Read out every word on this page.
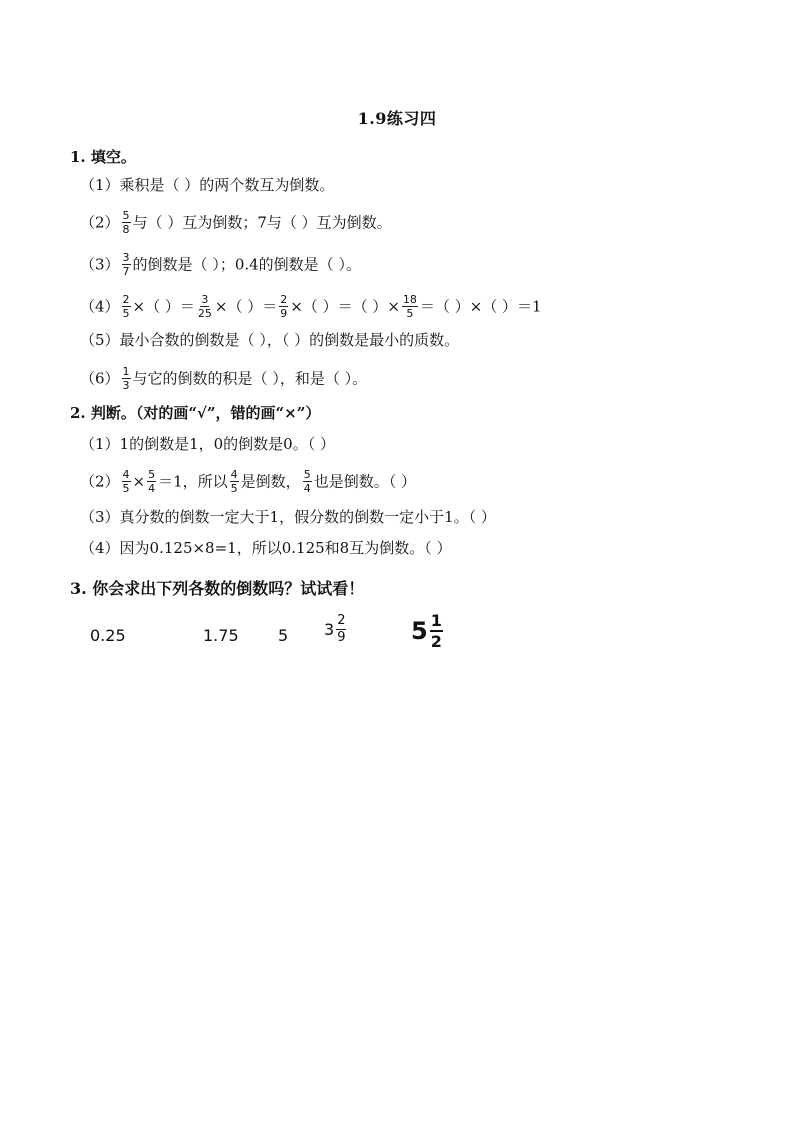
1.9练习四
1. 填空。
（1）乘积是（ ）的两个数互为倒数。
$(2) \frac{5}{8}$ 与（ ）互为倒数；7与（ ）互为倒数。
$(3) \frac{3}{7}$ 的倒数是（ ）；0.4的倒数是（ ）。
$(4) \frac{2}{5}$ ×（ ）＝ $\frac{3}{25}$ ×（ ）＝ $\frac{2}{9}$ ×（ ）＝（ ）× $\frac{18}{5}$ ＝（ ）×（ ）＝1
（5）最小合数的倒数是（ ），（ ）的倒数是最小的质数。
$(6) \frac{1}{3}$ 与它的倒数的积是（ ），和是（ ）。
2. 判断。（对的画“√”，错的画“×”）
（1）1的倒数是1，0的倒数是0。（ ）
$(2) \frac{4}{5} \times \frac{5}{4} =1$，所以 $\frac{4}{5}$ 是倒数， $\frac{5}{4}$ 也是倒数。（ ）
（3）真分数的倒数一定大于1，假分数的倒数一定小于1。（ ）
（4）因为0.125×8=1，所以0.125和8互为倒数。（ ）
3. 你会求出下列各数的倒数吗？试试看！
0.25	1.75 5 $3 \frac{2}{9}$	$5 \frac{1}{2}$
